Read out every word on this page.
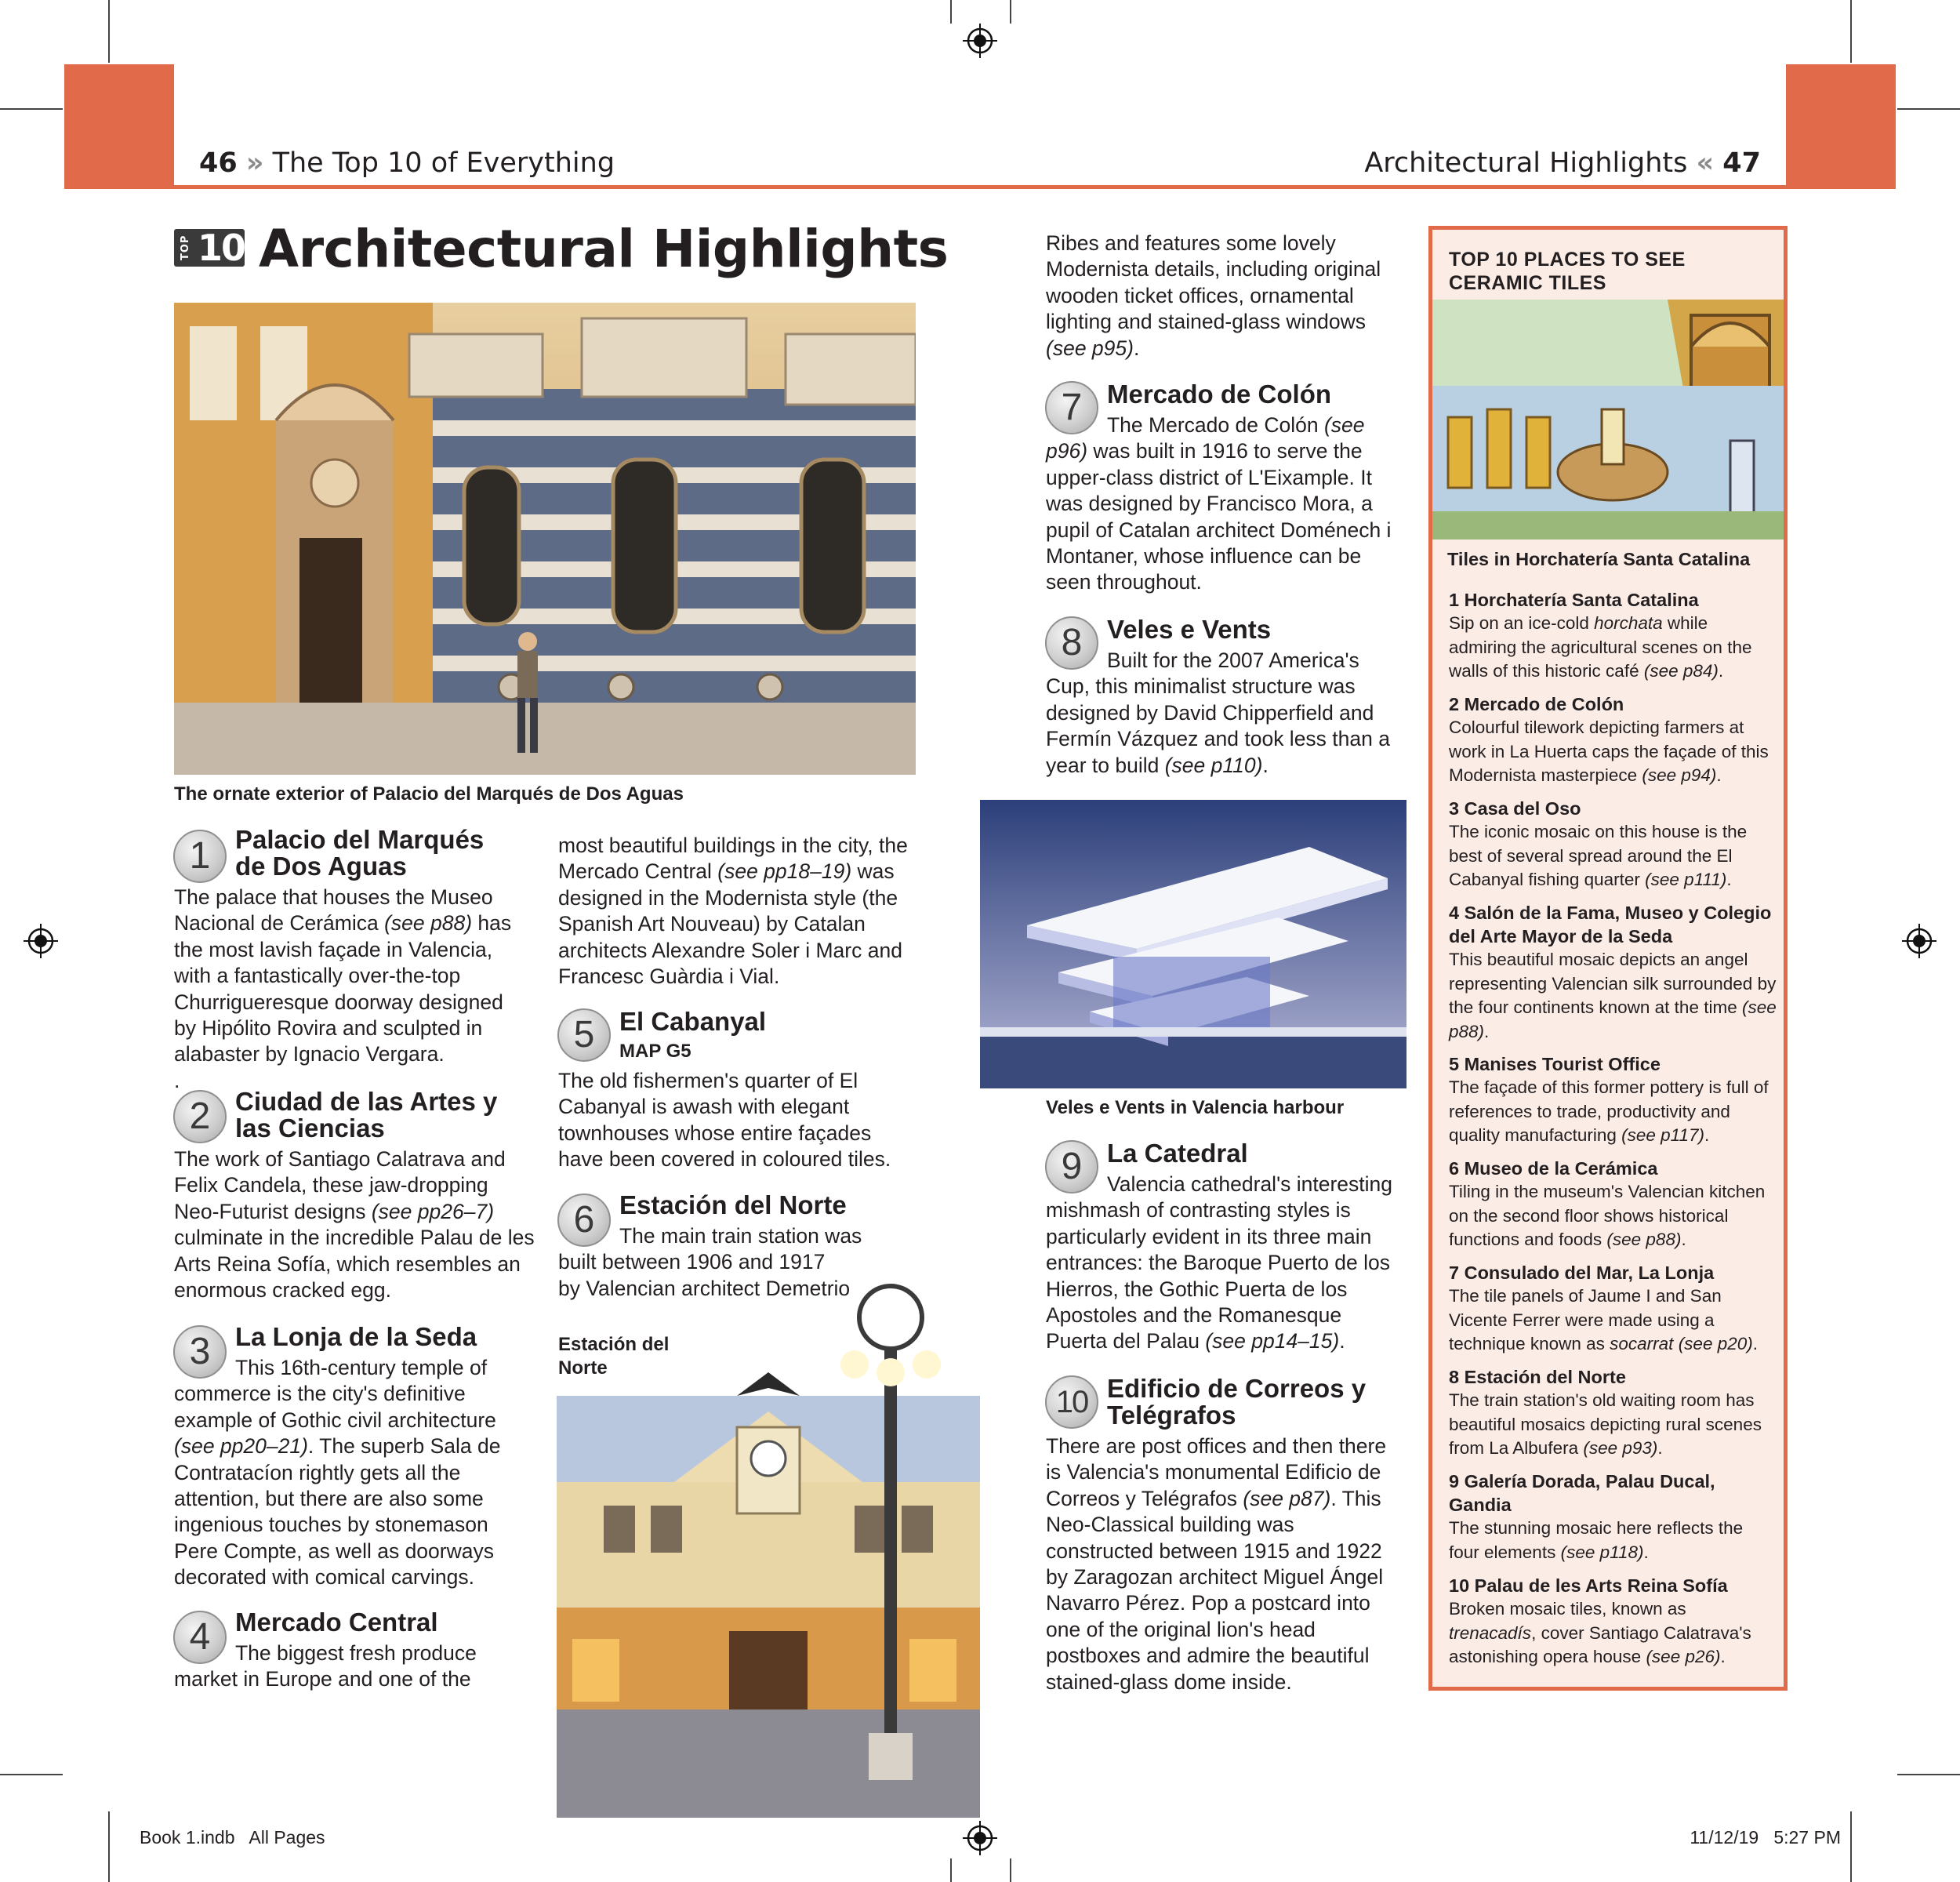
46 » The Top 10 of Everything	Architectural Highlights « 47
TOP 10 Architectural Highlights
The ornate exterior of Palacio del Marqués de Dos Aguas
1 Palacio del Marqués de Dos Aguas
The palace that houses the Museo Nacional de Cerámica (see p88) has the most lavish façade in Valencia, with a fantastically over-the-top Churrigueresque doorway designed by Hipólito Rovira and sculpted in alabaster by Ignacio Vergara.
.
2 Ciudad de las Artes y las Ciencias
The work of Santiago Calatrava and Felix Candela, these jaw-dropping Neo-Futurist designs (see pp26–7) culminate in the incredible Palau de les Arts Reina Sofía, which resembles an enormous cracked egg.
3 La Lonja de la Seda
This 16th-century temple of commerce is the city's definitive example of Gothic civil architecture (see pp20–21). The superb Sala de Contratacíon rightly gets all the attention, but there are also some ingenious touches by stonemason Pere Compte, as well as doorways decorated with comical carvings.
4 Mercado Central
The biggest fresh produce market in Europe and one of the
most beautiful buildings in the city, the Mercado Central (see pp18–19) was designed in the Modernista style (the Spanish Art Nouveau) by Catalan architects Alexandre Soler i Marc and Francesc Guàrdia i Vial.
5 El Cabanyal
MAP G5
The old fishermen's quarter of El Cabanyal is awash with elegant townhouses whose entire façades have been covered in coloured tiles.
6 Estación del Norte
The main train station was built between 1906 and 1917
by Valencian architect Demetrio
Estación del Norte
Ribes and features some lovely Modernista details, including original wooden ticket offices, ornamental lighting and stained-glass windows (see p95).
7 Mercado de Colón
The Mercado de Colón (see p96) was built in 1916 to serve the upper-class district of L'Eixample. It was designed by Francisco Mora, a pupil of Catalan architect Doménech i Montaner, whose influence can be seen throughout.
8 Veles e Vents
Built for the 2007 America's Cup, this minimalist structure was designed by David Chipperfield and Fermín Vázquez and took less than a year to build (see p110).
Veles e Vents in Valencia harbour
9 La Catedral
Valencia cathedral's interesting mishmash of contrasting styles is particularly evident in its three main entrances: the Baroque Puerto de los Hierros, the Gothic Puerta de los Apostoles and the Romanesque Puerta del Palau (see pp14–15).
10 Edificio de Correos y Telégrafos
There are post offices and then there is Valencia's monumental Edificio de Correos y Telégrafos (see p87). This Neo-Classical building was constructed between 1915 and 1922 by Zaragozan architect Miguel Ángel Navarro Pérez. Pop a postcard into one of the original lion's head postboxes and admire the beautiful stained-glass dome inside.
TOP 10 PLACES TO SEE CERAMIC TILES
Tiles in Horchatería Santa Catalina
1 Horchatería Santa Catalina
Sip on an ice-cold horchata while admiring the agricultural scenes on the walls of this historic café (see p84).
2 Mercado de Colón
Colourful tilework depicting farmers at work in La Huerta caps the façade of this Modernista masterpiece (see p94).
3 Casa del Oso
The iconic mosaic on this house is the best of several spread around the El Cabanyal fishing quarter (see p111).
4 Salón de la Fama, Museo y Colegio del Arte Mayor de la Seda
This beautiful mosaic depicts an angel representing Valencian silk surrounded by the four continents known at the time (see p88).
5 Manises Tourist Office
The façade of this former pottery is full of references to trade, productivity and quality manufacturing (see p117).
6 Museo de la Cerámica
Tiling in the museum's Valencian kitchen on the second floor shows historical functions and foods (see p88).
7 Consulado del Mar, La Lonja
The tile panels of Jaume I and San Vicente Ferrer were made using a technique known as socarrat (see p20).
8 Estación del Norte
The train station's old waiting room has beautiful mosaics depicting rural scenes from La Albufera (see p93).
9 Galería Dorada, Palau Ducal, Gandia
The stunning mosaic here reflects the four elements (see p118).
10 Palau de les Arts Reina Sofía
Broken mosaic tiles, known as trenacadís, cover Santiago Calatrava's astonishing opera house (see p26).
Book 1.indb   All Pages	11/12/19   5:27 PM
